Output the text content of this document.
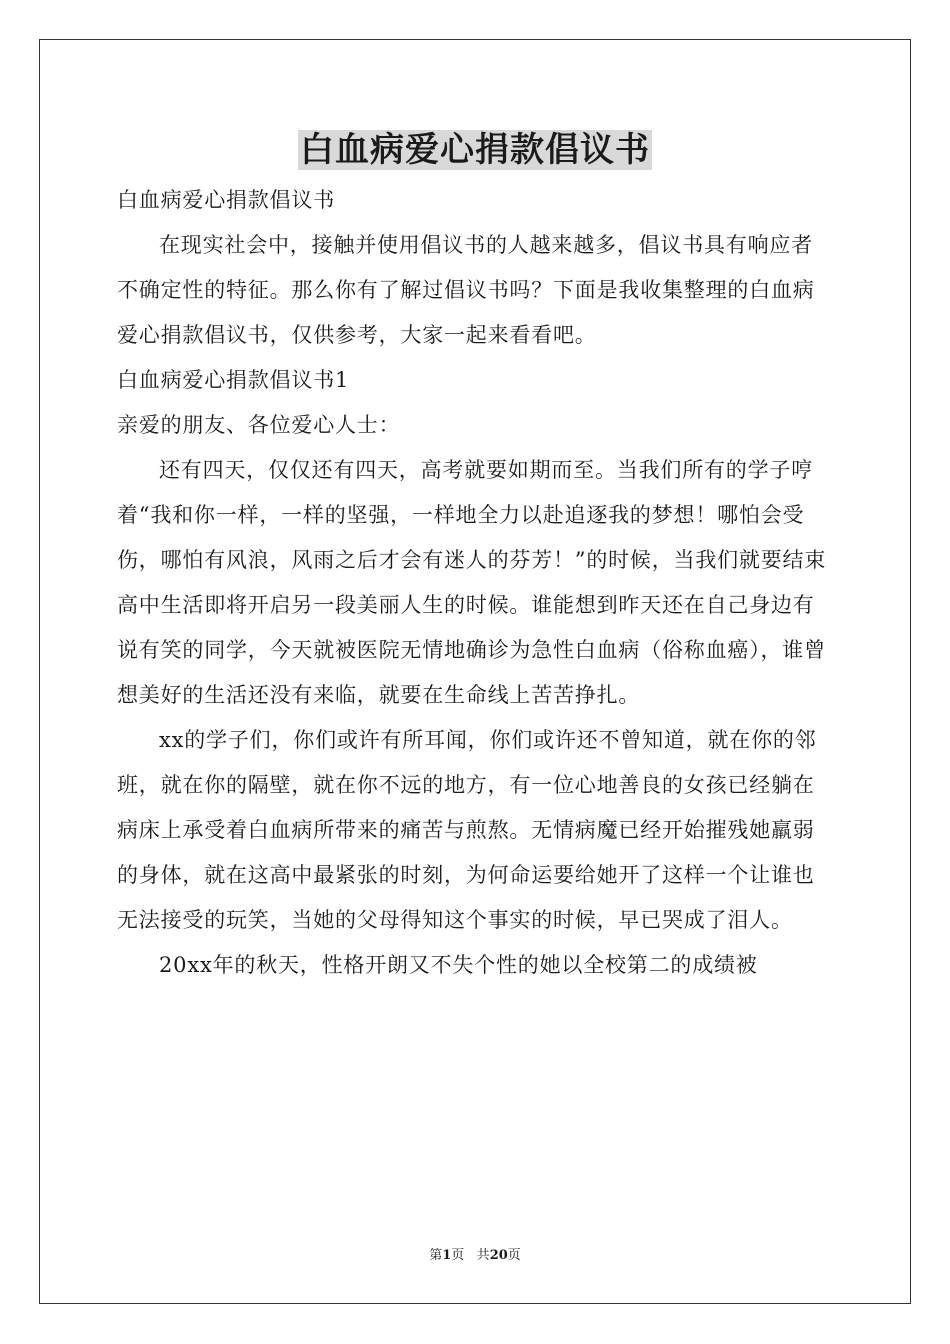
白血病爱心捐款倡议书

白血病爱心捐款倡议书

在现实社会中，接触并使用倡议书的人越来越多，倡议书具有响应者不确定性的特征。那么你有了解过倡议书吗？下面是我收集整理的白血病爱心捐款倡议书，仅供参考，大家一起来看看吧。

白血病爱心捐款倡议书1

亲爱的朋友、各位爱心人士：

还有四天，仅仅还有四天，高考就要如期而至。当我们所有的学子哼着“我和你一样，一样的坚强，一样地全力以赴追逐我的梦想！哪怕会受伤，哪怕有风浪，风雨之后才会有迷人的芬芳！”的时候，当我们就要结束高中生活即将开启另一段美丽人生的时候。谁能想到昨天还在自己身边有说有笑的同学，今天就被医院无情地确诊为急性白血病（俗称血癌），谁曾想美好的生活还没有来临，就要在生命线上苦苦挣扎。

xx的学子们，你们或许有所耳闻，你们或许还不曾知道，就在你的邻班，就在你的隔壁，就在你不远的地方，有一位心地善良的女孩已经躺在病床上承受着白血病所带来的痛苦与煎熬。无情病魔已经开始摧残她羸弱的身体，就在这高中最紧张的时刻，为何命运要给她开了这样一个让谁也无法接受的玩笑，当她的父母得知这个事实的时候，早已哭成了泪人。

20xx年的秋天，性格开朗又不失个性的她以全校第二的成绩被

第1页 共20页
